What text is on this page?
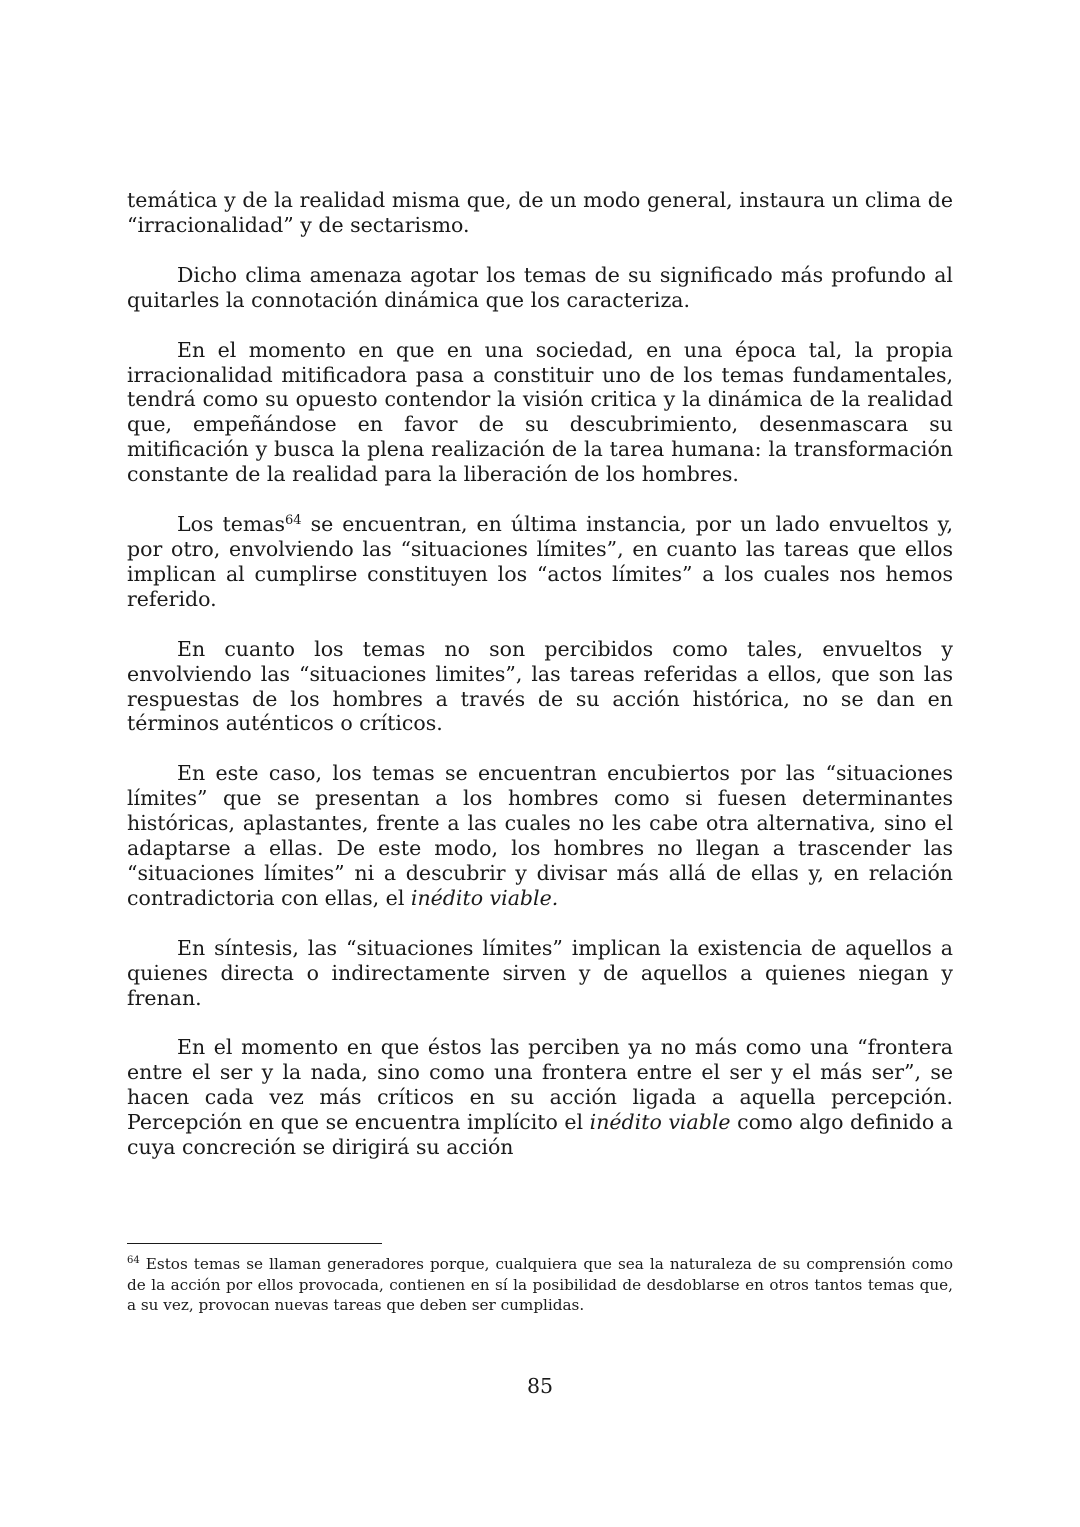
temática y de la realidad misma que, de un modo general, instaura un clima de “irracionalidad” y de sectarismo.

Dicho clima amenaza agotar los temas de su significado más profundo al quitarles la connotación dinámica que los caracteriza.

En el momento en que en una sociedad, en una época tal, la propia irracionalidad mitificadora pasa a constituir uno de los temas fundamentales, tendrá como su opuesto contendor la visión critica y la dinámica de la realidad que, empeñándose en favor de su descubrimiento, desenmascara su mitificación y busca la plena realización de la tarea humana: la transformación constante de la realidad para la liberación de los hombres.

Los temas$^{64}$ se encuentran, en última instancia, por un lado envueltos y, por otro, envolviendo las “situaciones límites”, en cuanto las tareas que ellos implican al cumplirse constituyen los “actos límites” a los cuales nos hemos referido.

En cuanto los temas no son percibidos como tales, envueltos y envolviendo las “situaciones limites”, las tareas referidas a ellos, que son las respuestas de los hombres a través de su acción histórica, no se dan en términos auténticos o críticos.

En este caso, los temas se encuentran encubiertos por las “situaciones límites” que se presentan a los hombres como si fuesen determinantes históricas, aplastantes, frente a las cuales no les cabe otra alternativa, sino el adaptarse a ellas. De este modo, los hombres no llegan a trascender las “situaciones límites” ni a descubrir y divisar más allá de ellas y, en relación contradictoria con ellas, el inédito viable.

En síntesis, las “situaciones límites” implican la existencia de aquellos a quienes directa o indirectamente sirven y de aquellos a quienes niegan y frenan.

En el momento en que éstos las perciben ya no más como una “frontera entre el ser y la nada, sino como una frontera entre el ser y el más ser”, se hacen cada vez más críticos en su acción ligada a aquella percepción. Percepción en que se encuentra implícito el inédito viable como algo definido a cuya concreción se dirigirá su acción

$^{64}$ Estos temas se llaman generadores porque, cualquiera que sea la naturaleza de su comprensión como de la acción por ellos provocada, contienen en sí la posibilidad de desdoblarse en otros tantos temas que, a su vez, provocan nuevas tareas que deben ser cumplidas.

85
